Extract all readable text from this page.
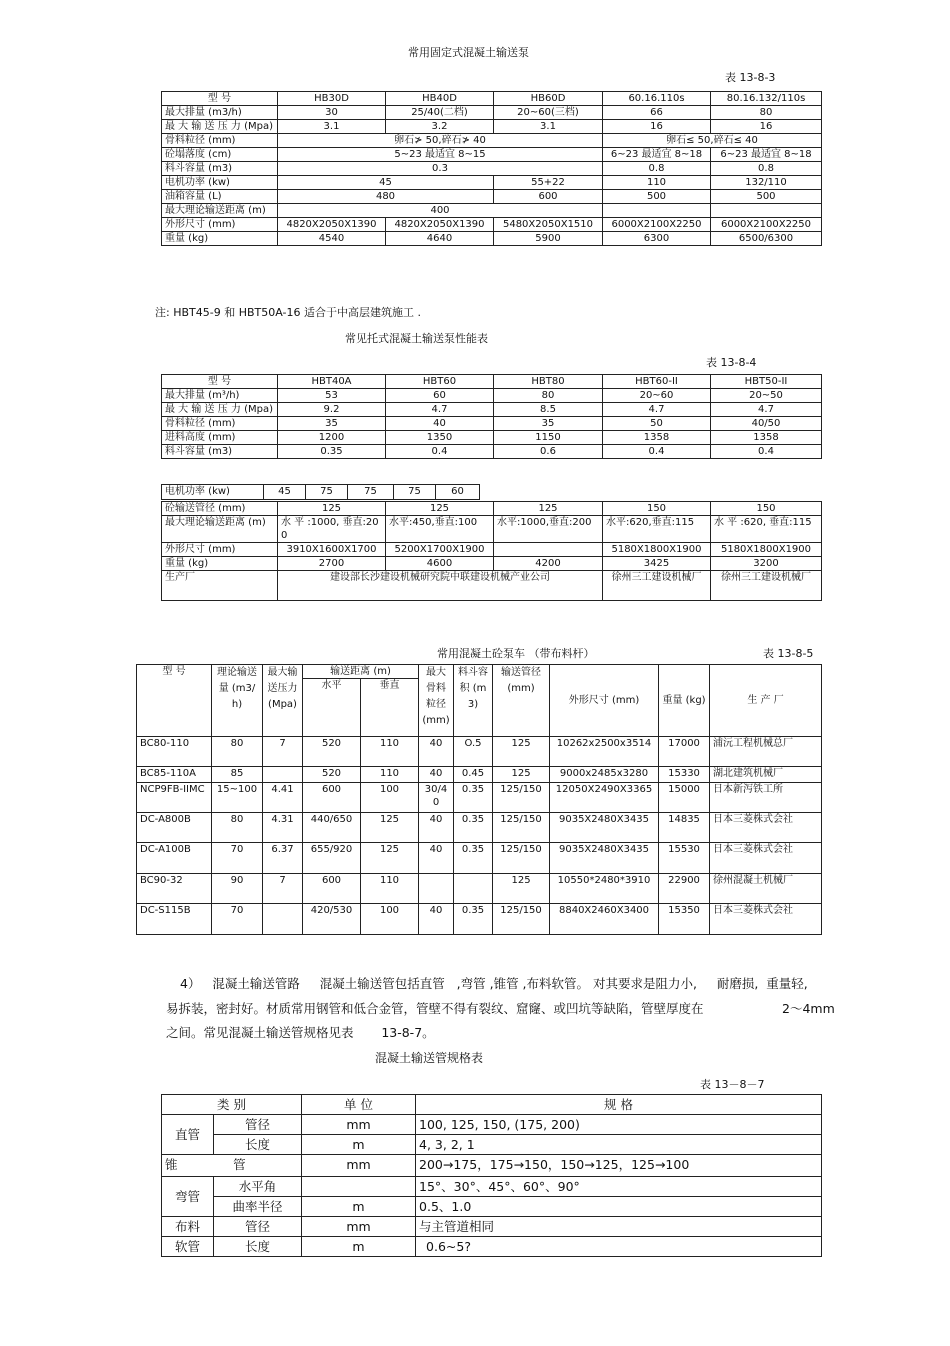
常用固定式混凝土输送泵
表 13-8-3
型 号	HB30D	HB40D	HB60D	60.16.110s	80.16.132/110s
最大排量 (m3/h)	30	25/40(二档)	20~60(三档)	66	80
最 大 输 送 压 力 (Mpa)	3.1	3.2	3.1	16	16
骨料粒径 (mm)	卵石≯ 50,碎石≯ 40			卵石≤ 50,碎石≤ 40	
砼塌落度 (cm)	5~23 最适宜 8~15			6~23 最适宜 8~18	6~23 最适宜 8~18
料斗容量 (m3)	0.3			0.8	0.8
电机功率 (kw)	45		55+22	110	132/110
油箱容量 (L)	480		600	500	500
最大理论输送距离 (m)	400				
外形尺寸 (mm)	4820X2050X1390	4820X2050X1390	5480X2050X1510	6000X2100X2250	6000X2100X2250
重量 (kg)	4540	4640	5900	6300	6500/6300
注: HBT45-9 和 HBT50A-16 适合于中高层建筑施工 .
常见托式混凝土输送泵性能表
表 13-8-4
型 号	HBT40A	HBT60	HBT80	HBT60-II	HBT50-II
最大排量 (m³/h)	53	60	80	20~60	20~50
最 大 输 送 压 力 (Mpa)	9.2	4.7	8.5	4.7	4.7
骨料粒径 (mm)	35	40	35	50	40/50
进料高度 (mm)	1200	1350	1150	1358	1358
料斗容量 (m3)	0.35	0.4	0.6	0.4	0.4
电机功率 (kw)	45	75	75	75	60
砼输送管径 (mm)	125	125	125	150	150
最大理论输送距离 (m)	水 平 :1000, 垂直:200	水平:450,垂直:100	水平:1000,垂直:200	水平:620,垂直:115	水 平 :620, 垂直:115
外形尺寸 (mm)	3910X1600X1700	5200X1700X1900		5180X1800X1900	5180X1800X1900
重量 (kg)	2700	4600	4200	3425	3200
生产厂	建设部长沙建设机械研究院中联建设机械产业公司			徐州三工建设机械厂	徐州三工建设机械厂
常用混凝土砼泵车 （带布料杆）	表 13-8-5
型 号	理论输送量 (m3/h)	最大输送压力 (Mpa)	输送距离 (m)		最大骨料粒径 (mm)	料斗容积 (m3)	输送管径 (mm)	外形尺寸 (mm)	重量 (kg)	生 产 厂
			水平	垂直						
BC80-110	80	7	520	110	40	O.5	125	10262x2500x3514	17000	浦沅工程机械总厂
BC85-110A	85		520	110	40	0.45	125	9000x2485x3280	15330	湖北建筑机械厂
NCP9FB-IIMC	15~100	4.41	600	100	30/40	0.35	125/150	12050X2490X3365	15000	日本新泻铁工所
DC-A800B	80	4.31	440/650	125	40	0.35	125/150	9035X2480X3435	14835	日本三菱株式会社
DC-A100B	70	6.37	655/920	125	40	0.35	125/150	9035X2480X3435	15530	日本三菱株式会社
BC90-32	90	7	600	110			125	10550*2480*3910	22900	徐州混凝土机械厂
DC-S115B	70		420/530	100	40	0.35	125/150	8840X2460X3400	15350	日本三菱株式会社
4）   混凝土输送管路     混凝土输送管包括直管   ,弯管 ,锥管 ,布料软管。 对其要求是阻力小,     耐磨损,  重量轻,
易拆装，密封好。材质常用钢管和低合金管，管壁不得有裂纹、窟窿、或凹坑等缺陷，管壁厚度在	2～4mm
之间。常见混凝土输送管规格见表       13-8-7。
混凝土输送管规格表
表 13－8－7
类 别		单 位	规 格
直管	管径	mm	100, 125, 150, (175, 200)
	长度	m	4, 3, 2, 1
锥              管		mm	200→175，175→150，150→125，125→100
弯管	水平角		15°、30°、45°、60°、90°
	曲率半径	m	0.5、1.0
布料	管径	mm	与主管道相同
软管	长度	m	0.6~5?
